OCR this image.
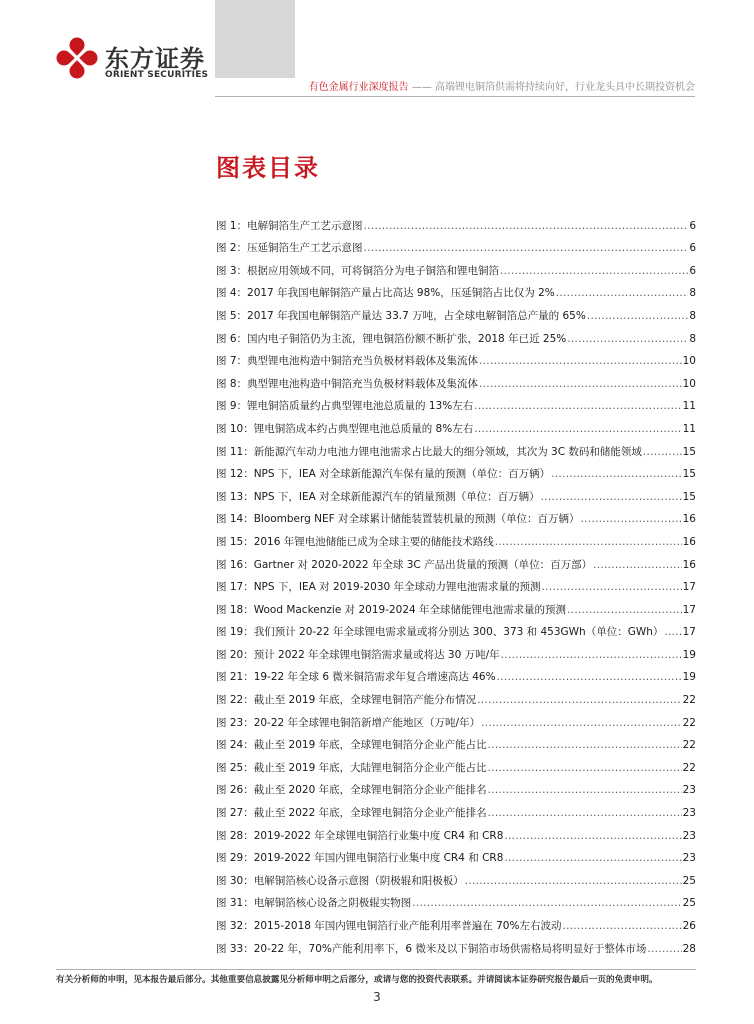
东方证券
ORIENT SECURITIES
有色金属行业深度报告 —— 高端锂电铜箔供需将持续向好，行业龙头具中长期投资机会
图表目录
图 1：电解铜箔生产工艺示意图 .....	6
图 2：压延铜箔生产工艺示意图 .....	6
图 3：根据应用领域不同，可将铜箔分为电子铜箔和锂电铜箔 .....	6
图 4：2017 年我国电解铜箔产量占比高达 98%，压延铜箔占比仅为 2% .....	8
图 5：2017 年我国电解铜箔产量达 33.7 万吨，占全球电解铜箔总产量的 65% .....	8
图 6：国内电子铜箔仍为主流，锂电铜箔份额不断扩张，2018 年已近 25% .....	8
图 7：典型锂电池构造中铜箔充当负极材料载体及集流体 .....	10
图 8：典型锂电池构造中铜箔充当负极材料载体及集流体 .....	10
图 9：锂电铜箔质量约占典型锂电池总质量的 13%左右 .....	11
图 10：锂电铜箔成本约占典型锂电池总质量的 8%左右 .....	11
图 11：新能源汽车动力电池力锂电池需求占比最大的细分领域，其次为 3C 数码和储能领域 .....	15
图 12：NPS 下，IEA 对全球新能源汽车保有量的预测（单位：百万辆） .....	15
图 13：NPS 下，IEA 对全球新能源汽车的销量预测（单位：百万辆） .....	15
图 14：Bloomberg NEF 对全球累计储能装置装机量的预测（单位：百万辆） .....	16
图 15：2016 年锂电池储能已成为全球主要的储能技术路线 .....	16
图 16：Gartner 对 2020-2022 年全球 3C 产品出货量的预测（单位：百万部） .....	16
图 17：NPS 下，IEA 对 2019-2030 年全球动力锂电池需求量的预测 .....	17
图 18：Wood Mackenzie 对 2019-2024 年全球储能锂电池需求量的预测 .....	17
图 19：我们预计 20-22 年全球锂电需求量或将分别达 300、373 和 453GWh（单位：GWh） ..... 17
图 20：预计 2022 年全球锂电铜箔需求量或将达 30 万吨/年 .....	19
图 21：19-22 年全球 6 微米铜箔需求年复合增速高达 46% .....	19
图 22：截止至 2019 年底，全球锂电铜箔产能分布情况 .....	22
图 23：20-22 年全球锂电铜箔新增产能地区（万吨/年） .....	22
图 24：截止至 2019 年底，全球锂电铜箔分企业产能占比 .....	22
图 25：截止至 2019 年底，大陆锂电铜箔分企业产能占比 .....	22
图 26：截止至 2020 年底，全球锂电铜箔分企业产能排名 .....	23
图 27：截止至 2022 年底，全球锂电铜箔分企业产能排名 .....	23
图 28：2019-2022 年全球锂电铜箔行业集中度 CR4 和 CR8 .....	23
图 29：2019-2022 年国内锂电铜箔行业集中度 CR4 和 CR8 .....	23
图 30：电解铜箔核心设备示意图（阴极辊和阳极板） .....	25
图 31：电解铜箔核心设备之阴极辊实物图 .....	25
图 32：2015-2018 年国内锂电铜箔行业产能利用率普遍在 70%左右波动 .....	26
图 33：20-22 年，70%产能利用率下，6 微米及以下铜箔市场供需格局将明显好于整体市场 .....	28
有关分析师的申明，见本报告最后部分。其他重要信息披露见分析师申明之后部分，或请与您的投资代表联系。并请阅读本证券研究报告最后一页的免责申明。
3
